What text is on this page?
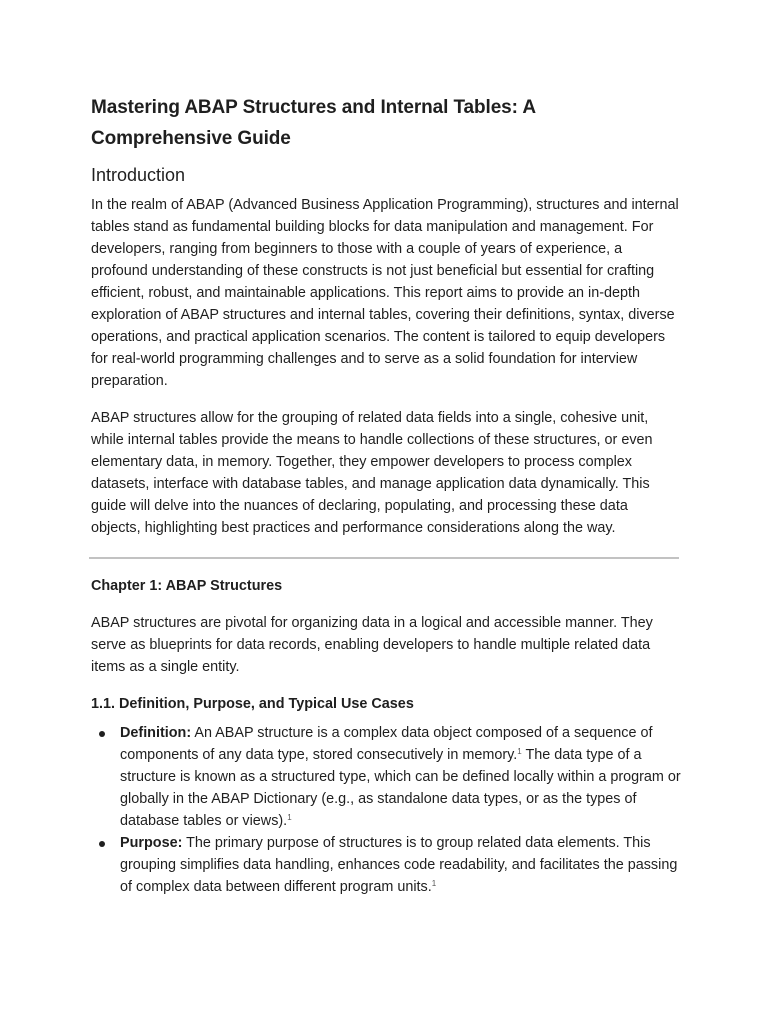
Mastering ABAP Structures and Internal Tables: A Comprehensive Guide
Introduction

In the realm of ABAP (Advanced Business Application Programming), structures and internal tables stand as fundamental building blocks for data manipulation and management. For developers, ranging from beginners to those with a couple of years of experience, a profound understanding of these constructs is not just beneficial but essential for crafting efficient, robust, and maintainable applications. This report aims to provide an in-depth exploration of ABAP structures and internal tables, covering their definitions, syntax, diverse operations, and practical application scenarios. The content is tailored to equip developers for real-world programming challenges and to serve as a solid foundation for interview preparation.

ABAP structures allow for the grouping of related data fields into a single, cohesive unit, while internal tables provide the means to handle collections of these structures, or even elementary data, in memory. Together, they empower developers to process complex datasets, interface with database tables, and manage application data dynamically. This guide will delve into the nuances of declaring, populating, and processing these data objects, highlighting best practices and performance considerations along the way.

Chapter 1: ABAP Structures

ABAP structures are pivotal for organizing data in a logical and accessible manner. They serve as blueprints for data records, enabling developers to handle multiple related data items as a single entity.

1.1. Definition, Purpose, and Typical Use Cases
Definition: An ABAP structure is a complex data object composed of a sequence of components of any data type, stored consecutively in memory.$^1$ The data type of a structure is known as a structured type, which can be defined locally within a program or globally in the ABAP Dictionary (e.g., as standalone data types, or as the types of database tables or views).$^1$
Purpose: The primary purpose of structures is to group related data elements. This grouping simplifies data handling, enhances code readability, and facilitates the passing of complex data between different program units.$^1$
